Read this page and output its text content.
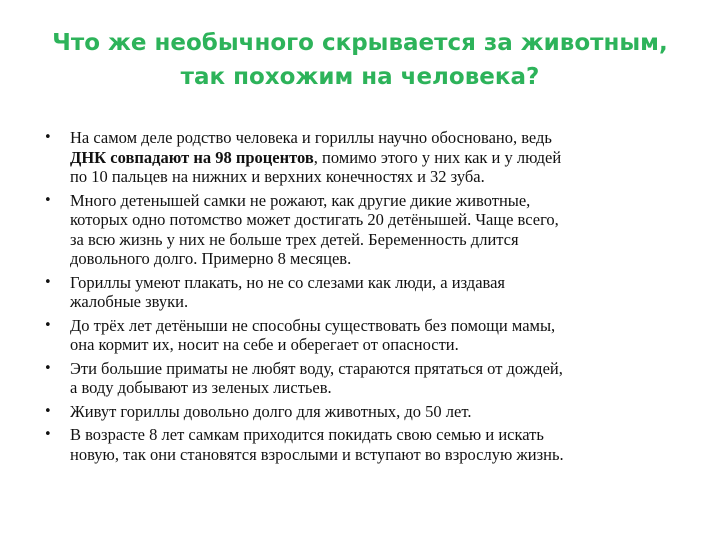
Что же необычного скрывается за животным,
так похожим на человека?
• На самом деле родство человека и гориллы научно обосновано, ведь
ДНК совпадают на 98 процентов, помимо этого у них как и у людей
по 10 пальцев на нижних и верхних конечностях и 32 зуба.
• Много детенышей самки не рожают, как другие дикие животные,
которых одно потомство может достигать 20 детёнышей. Чаще всего,
за всю жизнь у них не больше трех детей. Беременность длится
довольного долго. Примерно 8 месяцев.
• Гориллы умеют плакать, но не со слезами как люди, а издавая
жалобные звуки.
• До трёх лет детёныши не способны существовать без помощи мамы,
она кормит их, носит на себе и оберегает от опасности.
• Эти большие приматы не любят воду, стараются прятаться от дождей,
а воду добывают из зеленых листьев.
• Живут гориллы довольно долго для животных, до 50 лет.
• В возрасте 8 лет самкам приходится покидать свою семью и искать
новую, так они становятся взрослыми и вступают во взрослую жизнь.
